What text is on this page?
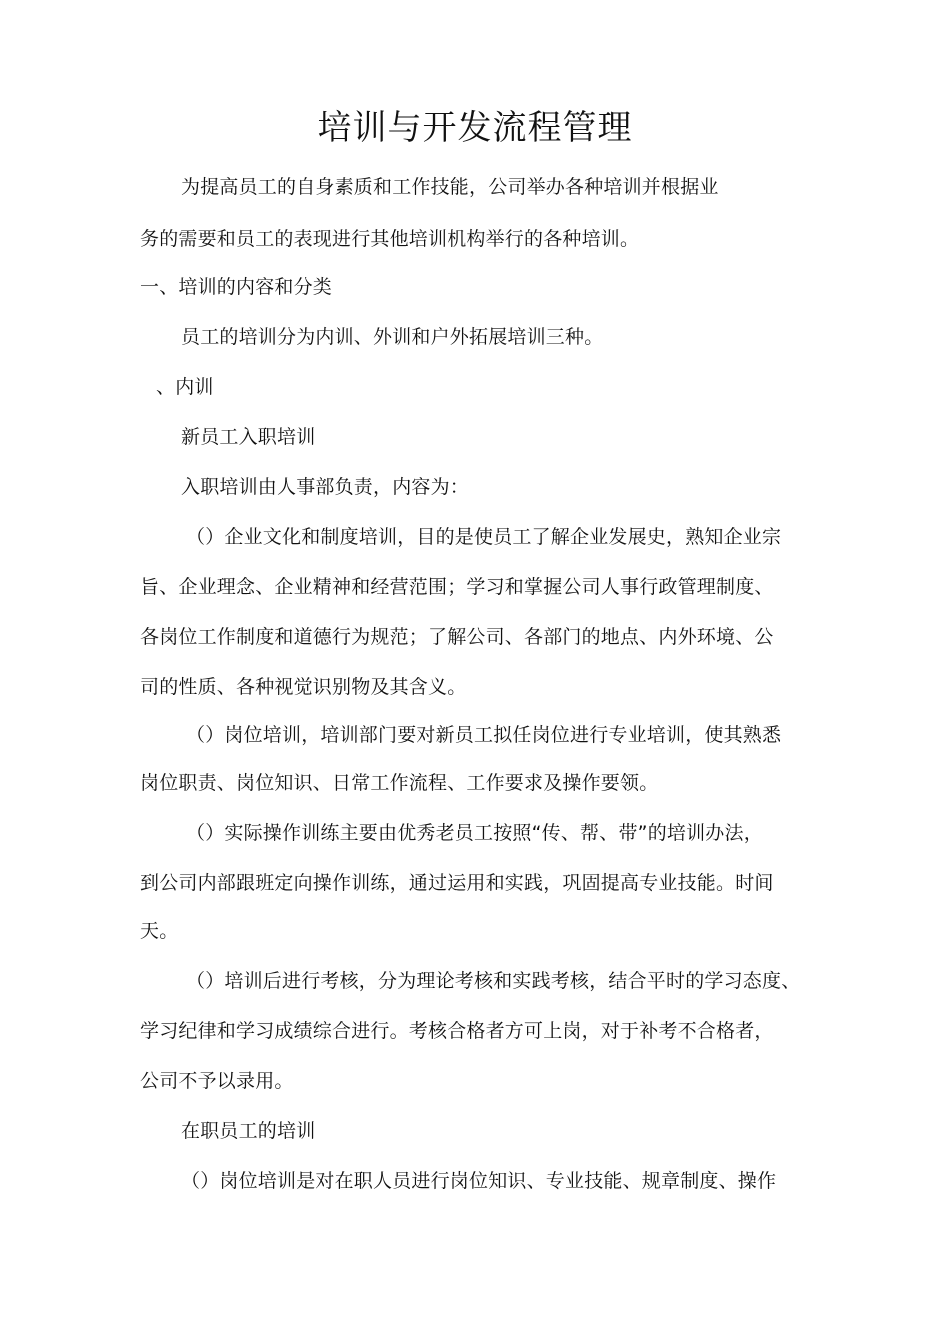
培训与开发流程管理
为提高员工的自身素质和工作技能，公司举办各种培训并根据业
务的需要和员工的表现进行其他培训机构举行的各种培训。
一、培训的内容和分类
员工的培训分为内训、外训和户外拓展培训三种。
、内训
新员工入职培训
入职培训由人事部负责，内容为：
（）企业文化和制度培训，目的是使员工了解企业发展史，熟知企业宗
旨、企业理念、企业精神和经营范围；学习和掌握公司人事行政管理制度、
各岗位工作制度和道德行为规范；了解公司、各部门的地点、内外环境、公
司的性质、各种视觉识别物及其含义。
（）岗位培训，培训部门要对新员工拟任岗位进行专业培训，使其熟悉
岗位职责、岗位知识、日常工作流程、工作要求及操作要领。
（）实际操作训练主要由优秀老员工按照“传、帮、带”的培训办法，
到公司内部跟班定向操作训练，通过运用和实践，巩固提高专业技能。时间
天。
（）培训后进行考核，分为理论考核和实践考核，结合平时的学习态度、
学习纪律和学习成绩综合进行。考核合格者方可上岗，对于补考不合格者，
公司不予以录用。
在职员工的培训
（）岗位培训是对在职人员进行岗位知识、专业技能、规章制度、操作
